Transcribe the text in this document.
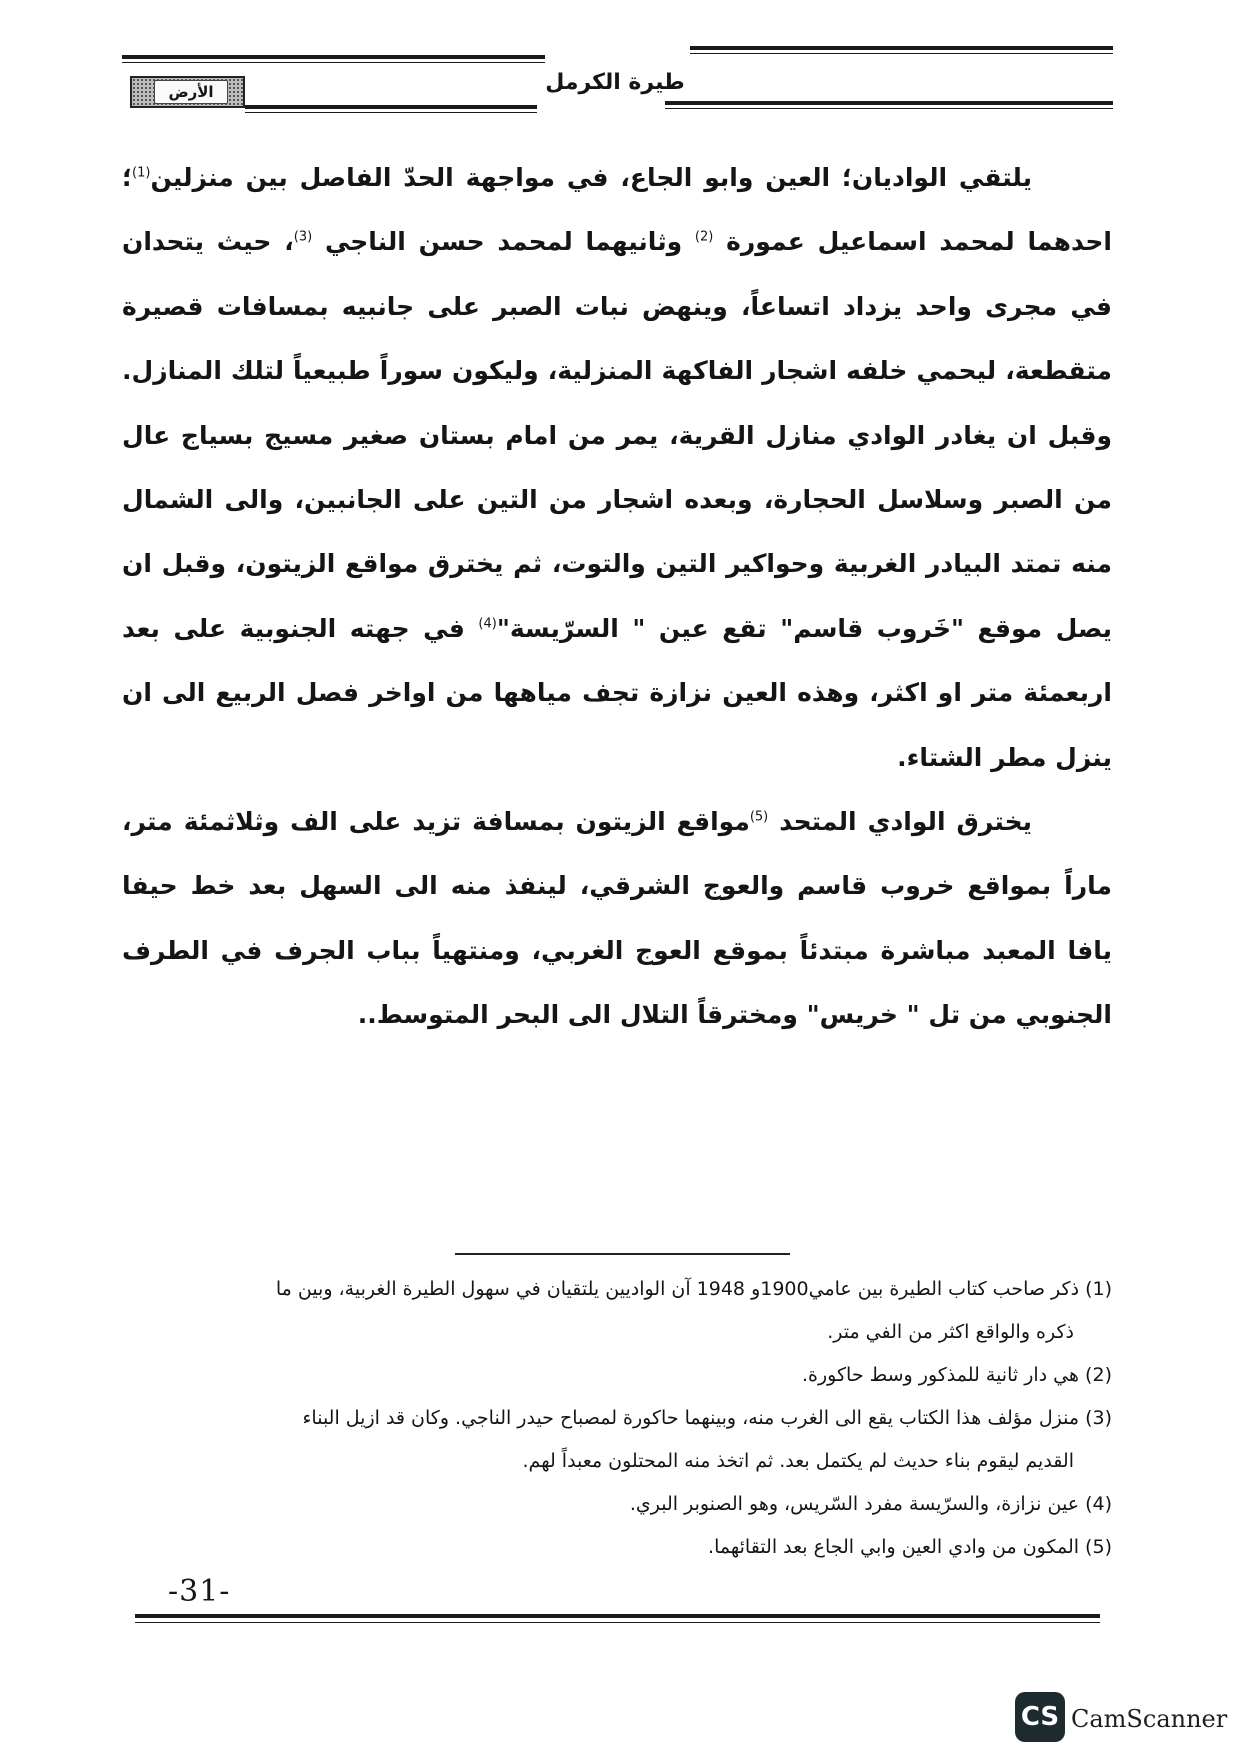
طيرة الكرمل
الأرض

يلتقي الواديان؛ العين وابو الجاع، في مواجهة الحدّ الفاصل بين منزلين$^{(1)}$؛ احدهما لمحمد اسماعيل عمورة $^{(2)}$ وثانيهما لمحمد حسن الناجي $^{(3)}$، حيث يتحدان في مجرى واحد يزداد اتساعاً، وينهض نبات الصبر على جانبيه بمسافات قصيرة متقطعة، ليحمي خلفه اشجار الفاكهة المنزلية، وليكون سوراً طبيعياً لتلك المنازل. وقبل ان يغادر الوادي منازل القرية، يمر من امام بستان صغير مسيج بسياج عال من الصبر وسلاسل الحجارة، وبعده اشجار من التين على الجانبين، والى الشمال منه تمتد البيادر الغربية وحواكير التين والتوت، ثم يخترق مواقع الزيتون، وقبل ان يصل موقع "خَروب قاسم" تقع عين " السرّيسة"$^{(4)}$ في جهته الجنوبية على بعد اربعمئة متر او اكثر، وهذه العين نزازة تجف مياهها من اواخر فصل الربيع الى ان ينزل مطر الشتاء.

يخترق الوادي المتحد $^{(5)}$مواقع الزيتون بمسافة تزيد على الف وثلاثمئة متر، ماراً بمواقع خروب قاسم والعوج الشرقي، لينفذ منه الى السهل بعد خط حيفا يافا المعبد مباشرة مبتدئاً بموقع العوج الغربي، ومنتهياً بباب الجرف في الطرف الجنوبي من تل " خريس" ومخترقاً التلال الى البحر المتوسط..

(1) ذكر صاحب كتاب الطيرة بين عامي1900و 1948 آن الواديين يلتقيان في سهول الطيرة الغربية، وبين ما
ذكره والواقع اكثر من الفي متر.
(2) هي دار ثانية للمذكور وسط حاكورة.
(3) منزل مؤلف هذا الكتاب يقع الى الغرب منه، وبينهما حاكورة لمصباح حيدر الناجي. وكان قد ازيل البناء
القديم ليقوم بناء حديث لم يكتمل بعد. ثم اتخذ منه المحتلون معبداً لهم.
(4) عين نزازة، والسرّيسة مفرد السّريس، وهو الصنوبر البري.
(5) المكون من وادي العين وابي الجاع بعد التقائهما.
-31-
CS CamScanner
